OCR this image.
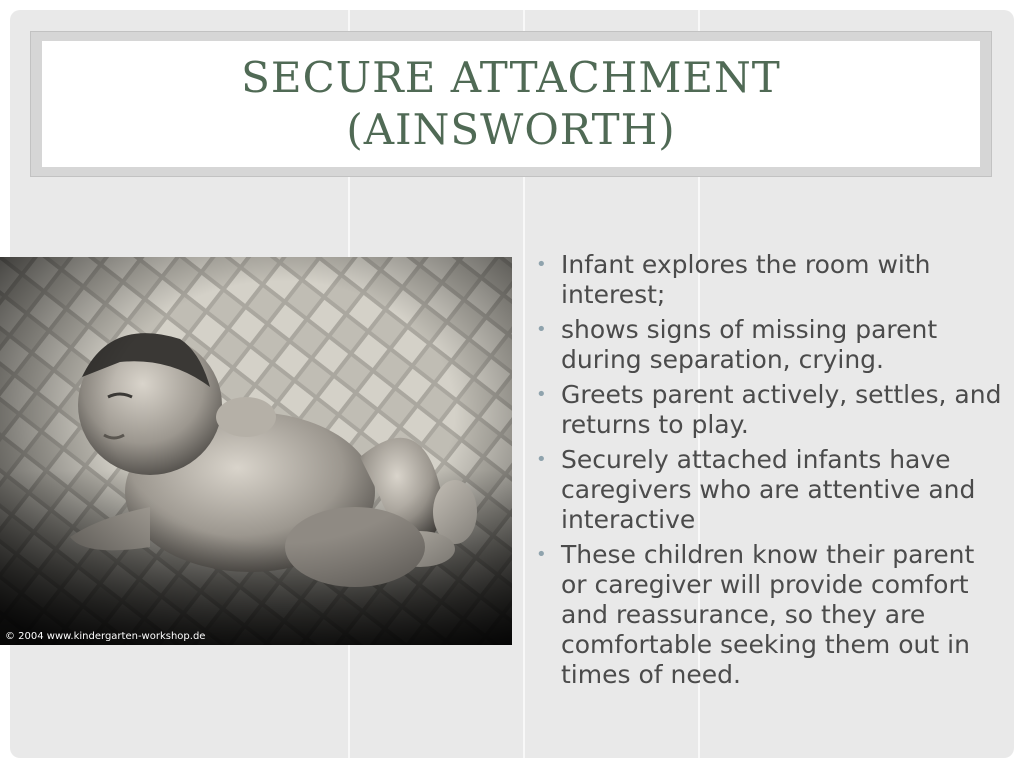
SECURE ATTACHMENT
(AINSWORTH)
© 2004 www.kindergarten-workshop.de
• Infant explores the room with interest;
• shows signs of missing parent during separation, crying.
• Greets parent actively, settles, and returns to play.
• Securely attached infants have caregivers who are attentive and interactive
• These children know their parent or caregiver will provide comfort and reassurance, so they are comfortable seeking them out in times of need.
